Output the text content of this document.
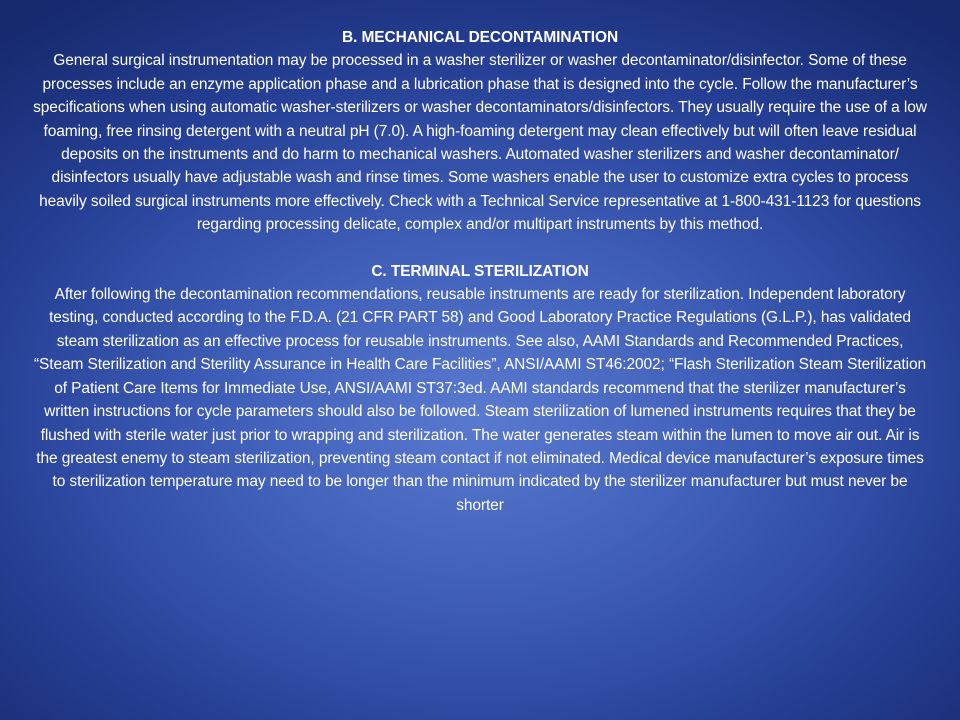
B. MECHANICAL DECONTAMINATION

General surgical instrumentation may be processed in a washer sterilizer or washer decontaminator/disinfector. Some of these processes include an enzyme application phase and a lubrication phase that is designed into the cycle. Follow the manufacturer’s specifications when using automatic washer-sterilizers or washer decontaminators/disinfectors. They usually require the use of a low foaming, free rinsing detergent with a neutral pH (7.0). A high-foaming detergent may clean effectively but will often leave residual deposits on the instruments and do harm to mechanical washers. Automated washer sterilizers and washer decontaminator/ disinfectors usually have adjustable wash and rinse times. Some washers enable the user to customize extra cycles to process heavily soiled surgical instruments more effectively. Check with a Technical Service representative at 1-800-431-1123 for questions regarding processing delicate, complex and/or multipart instruments by this method.

C. TERMINAL STERILIZATION

After following the decontamination recommendations, reusable instruments are ready for sterilization. Independent laboratory testing, conducted according to the F.D.A. (21 CFR PART 58) and Good Laboratory Practice Regulations (G.L.P.), has validated steam sterilization as an effective process for reusable instruments. See also, AAMI Standards and Recommended Practices, “Steam Sterilization and Sterility Assurance in Health Care Facilities”, ANSI/AAMI ST46:2002; “Flash Sterilization Steam Sterilization of Patient Care Items for Immediate Use, ANSI/AAMI ST37:3ed. AAMI standards recommend that the sterilizer manufacturer’s written instructions for cycle parameters should also be followed. Steam sterilization of lumened instruments requires that they be flushed with sterile water just prior to wrapping and sterilization. The water generates steam within the lumen to move air out. Air is the greatest enemy to steam sterilization, preventing steam contact if not eliminated. Medical device manufacturer’s exposure times to sterilization temperature may need to be longer than the minimum indicated by the sterilizer manufacturer but must never be shorter
